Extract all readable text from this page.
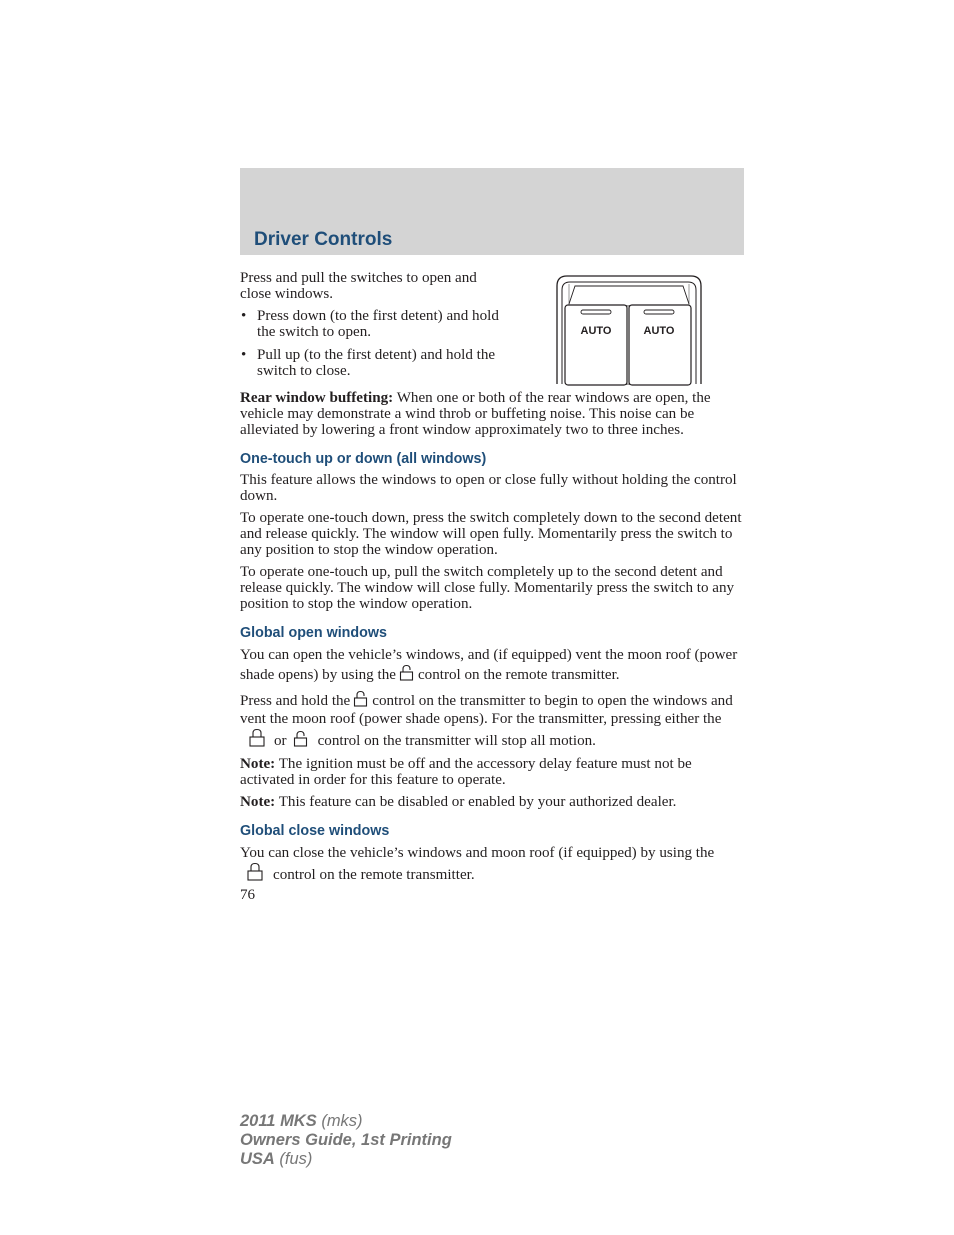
Driver Controls

Press and pull the switches to open and close windows.

• Press down (to the first detent) and hold the switch to open.
• Pull up (to the first detent) and hold the switch to close.
AUTO	AUTO

Rear window buffeting: When one or both of the rear windows are open, the vehicle may demonstrate a wind throb or buffeting noise. This noise can be alleviated by lowering a front window approximately two to three inches.

One-touch up or down (all windows)

This feature allows the windows to open or close fully without holding the control down.

To operate one-touch down, press the switch completely down to the second detent and release quickly. The window will open fully. Momentarily press the switch to any position to stop the window operation.

To operate one-touch up, pull the switch completely up to the second detent and release quickly. The window will close fully. Momentarily press the switch to any position to stop the window operation.

Global open windows

You can open the vehicle’s windows, and (if equipped) vent the moon roof (power shade opens) by using the control on the remote transmitter.

Press and hold the control on the transmitter to begin to open the windows and vent the moon roof (power shade opens). For the transmitter, pressing either theor control on the transmitter will stop all motion.

Note: The ignition must be off and the accessory delay feature must not be activated in order for this feature to operate.

Note: This feature can be disabled or enabled by your authorized dealer.

Global close windows

You can close the vehicle’s windows and moon roof (if equipped) by using thecontrol on the remote transmitter.

76
2011 MKS (mks)
Owners Guide, 1st Printing
USA (fus)
